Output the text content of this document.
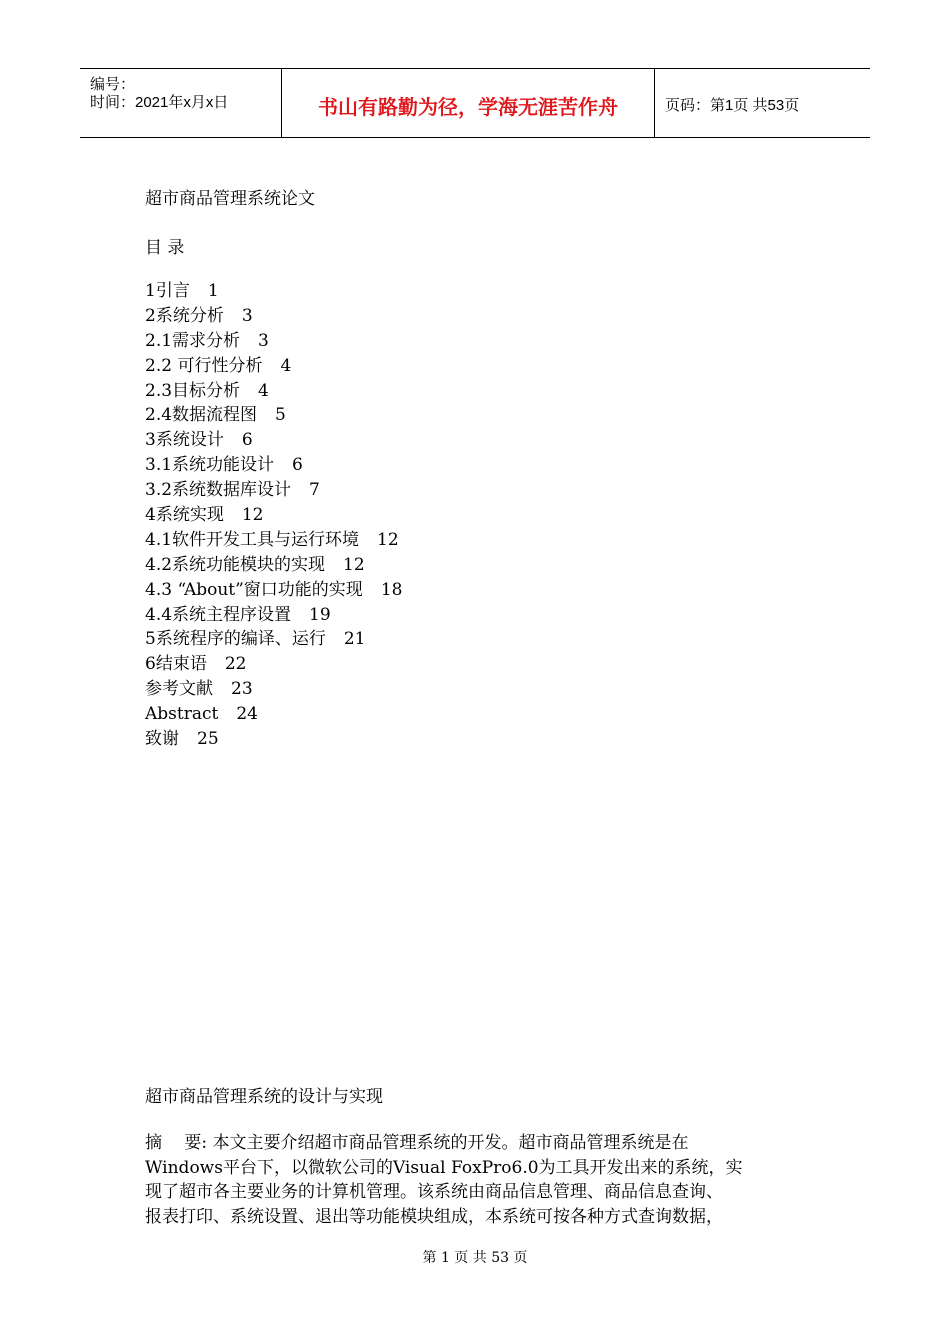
编号：
时间：2021年x月x日	书山有路勤为径，学海无涯苦作舟	页码：第1页 共53页
超市商品管理系统论文
目 录
1引言 1
2系统分析 3
2.1需求分析 3
2.2 可行性分析 4
2.3目标分析 4
2.4数据流程图 5
3系统设计 6
3.1系统功能设计 6
3.2系统数据库设计 7
4系统实现 12
4.1软件开发工具与运行环境 12
4.2系统功能模块的实现 12
4.3 “About”窗口功能的实现 18
4.4系统主程序设置 19
5系统程序的编译、运行 21
6结束语 22
参考文献 23
Abstract 24
致谢 25
超市商品管理系统的设计与实现
摘　 要: 本文主要介绍超市商品管理系统的开发。超市商品管理系统是在
Windows平台下，以微软公司的Visual FoxPro6.0为工具开发出来的系统，实
现了超市各主要业务的计算机管理。该系统由商品信息管理、商品信息查询、
报表打印、系统设置、退出等功能模块组成，本系统可按各种方式查询数据，
第 1 页 共 53 页
